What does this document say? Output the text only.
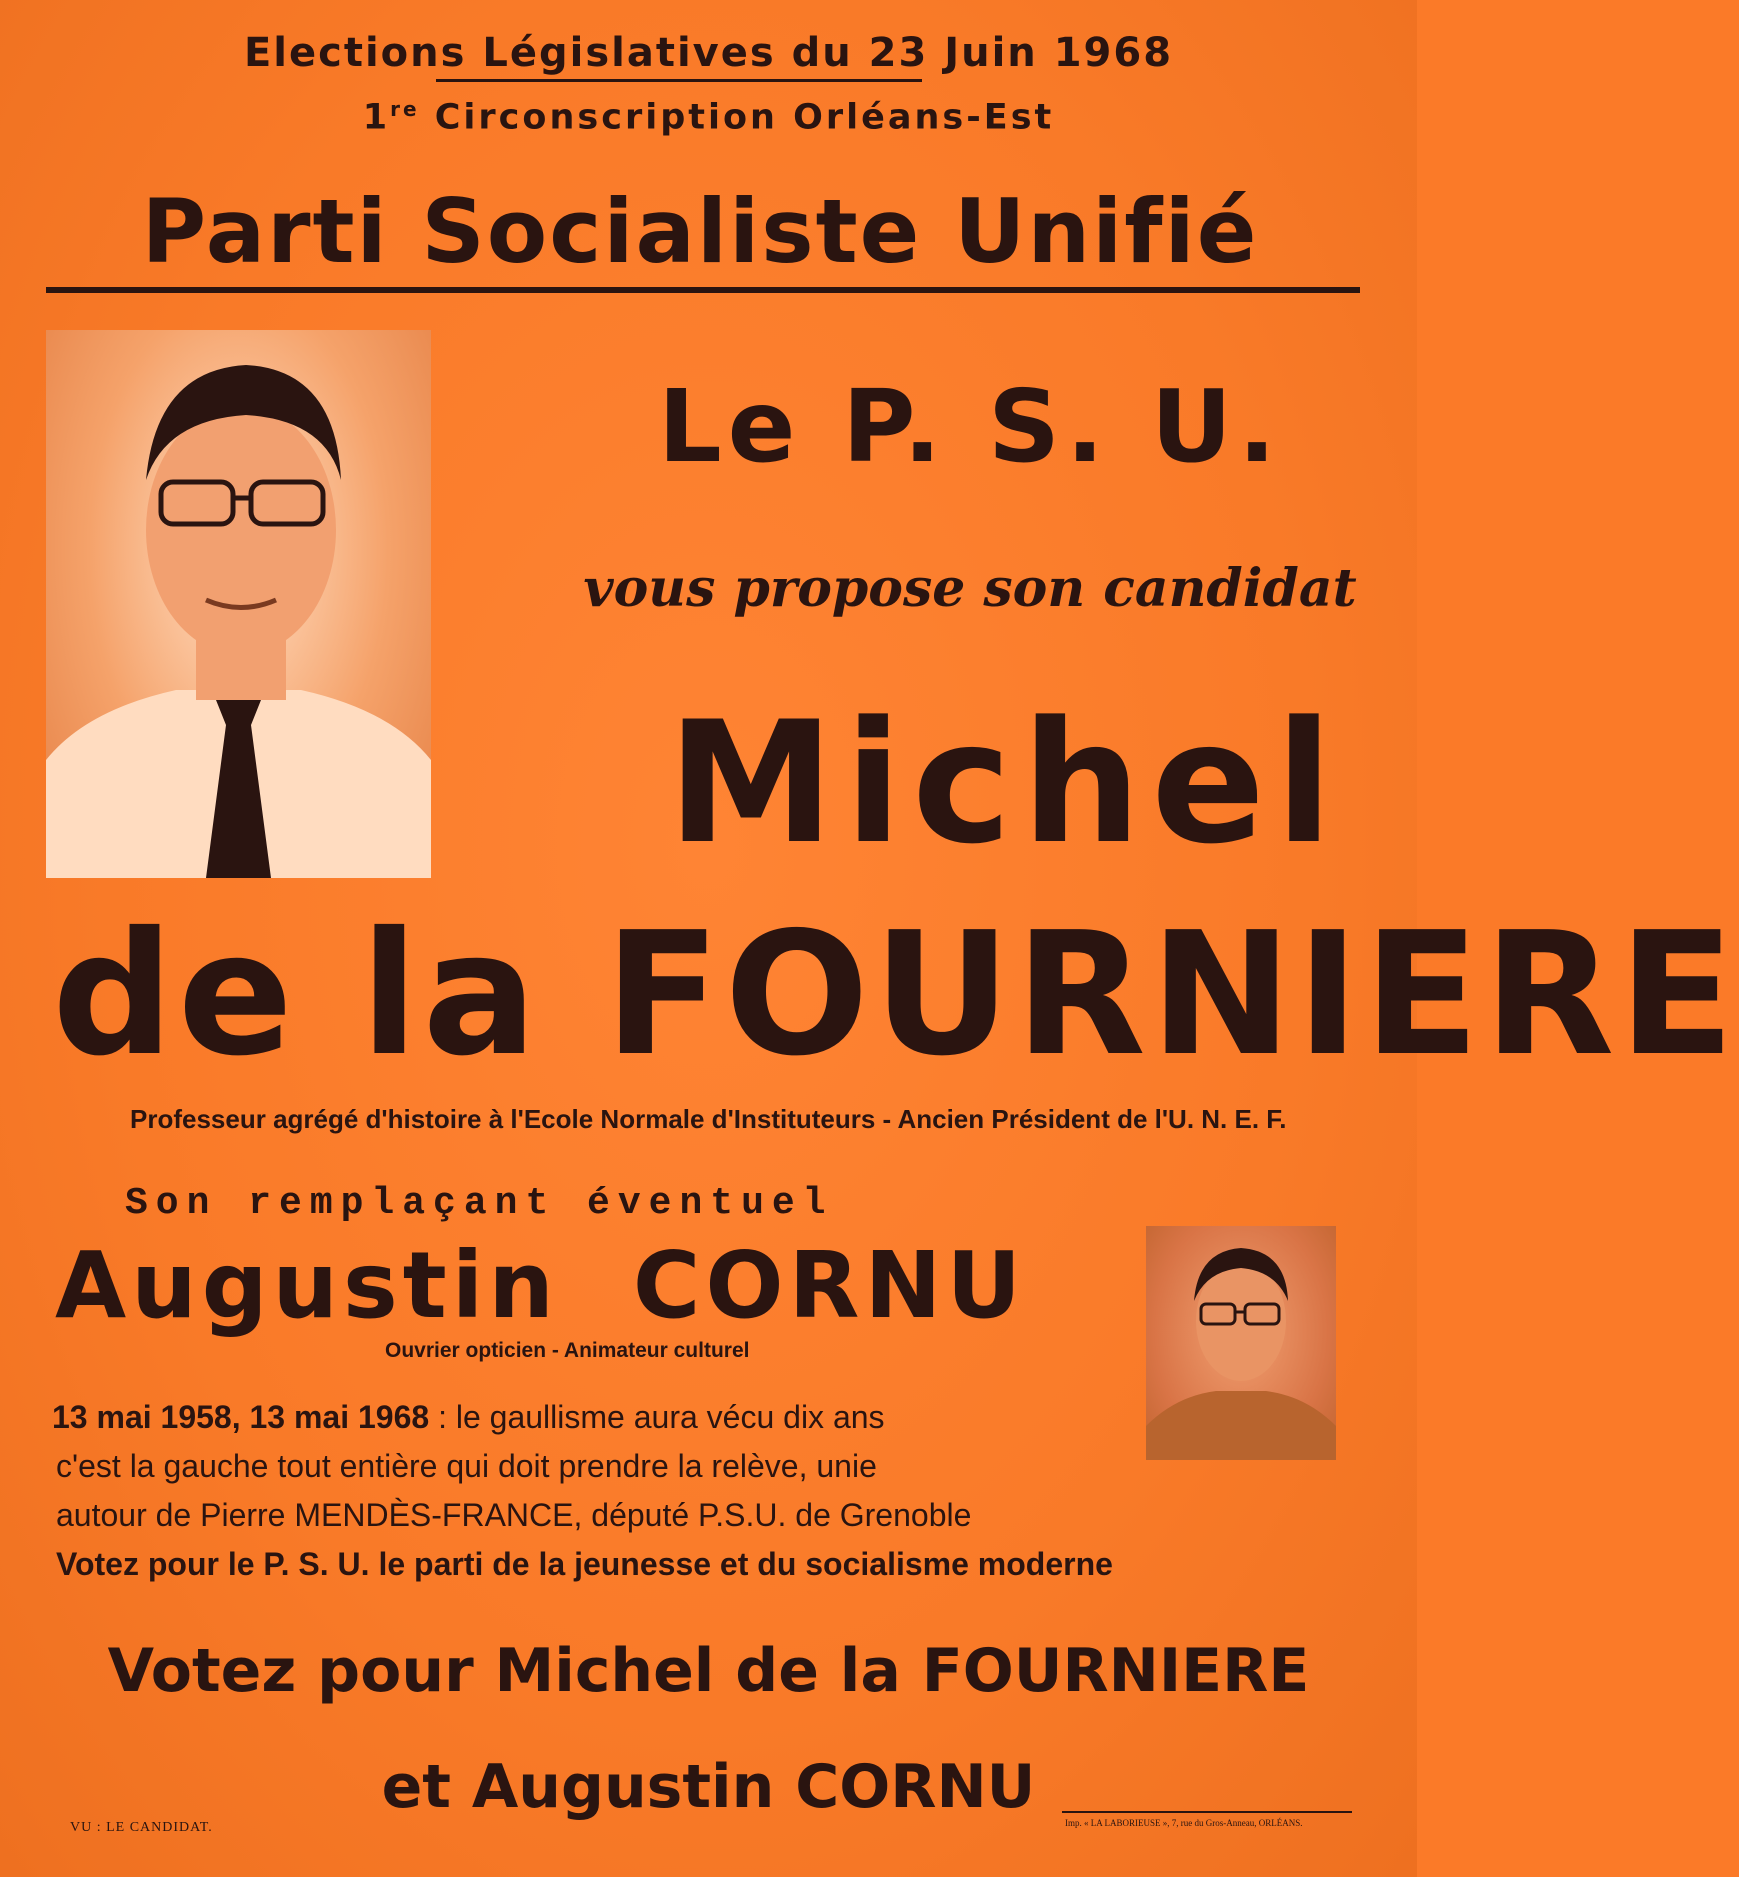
Elections Législatives du 23 Juin 1968
1re Circonscription Orléans-Est
Parti Socialiste Unifié
Le P. S. U.
vous propose son candidat
Michel
de la FOURNIERE
Professeur agrégé d'histoire à l'Ecole Normale d'Instituteurs - Ancien Président de l'U. N. E. F.
Son remplaçant éventuel
Augustin  CORNU
Ouvrier opticien - Animateur culturel
13 mai 1958, 13 mai 1968 : le gaullisme aura vécu dix ans
c'est la gauche tout entière qui doit prendre la relève, unie
autour de Pierre MENDÈS-FRANCE, député P.S.U. de Grenoble
Votez pour le P. S. U. le parti de la jeunesse et du socialisme moderne
Votez pour Michel de la FOURNIERE
et Augustin CORNU
VU : LE CANDIDAT.	Imp. « LA LABORIEUSE », 7, rue du Gros-Anneau, ORLÉANS.
